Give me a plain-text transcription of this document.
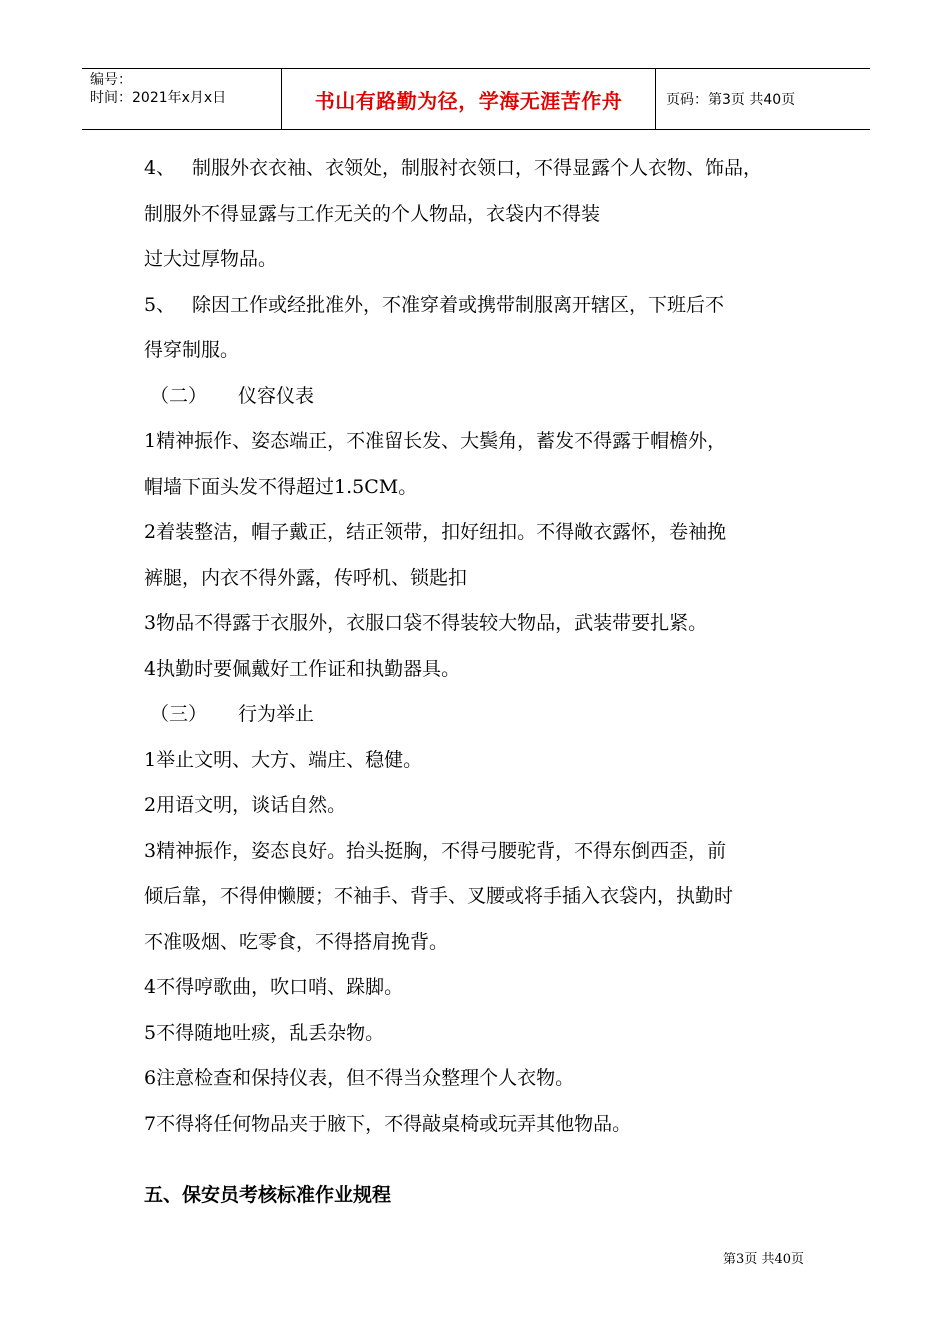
编号：
时间：2021年x月x日	书山有路勤为径，学海无涯苦作舟	页码：第3页 共40页

4、 制服外衣衣袖、衣领处，制服衬衣领口，不得显露个人衣物、饰品，

制服外不得显露与工作无关的个人物品，衣袋内不得装

过大过厚物品。

5、 除因工作或经批准外，不准穿着或携带制服离开辖区，下班后不

得穿制服。

（二） 仪容仪表

1精神振作、姿态端正，不准留长发、大鬓角，蓄发不得露于帽檐外，

帽墙下面头发不得超过1.5CM。

2着装整洁，帽子戴正，结正领带，扣好纽扣。不得敞衣露怀，卷袖挽

裤腿，内衣不得外露，传呼机、锁匙扣

3物品不得露于衣服外，衣服口袋不得装较大物品，武装带要扎紧。

4执勤时要佩戴好工作证和执勤器具。

（三） 行为举止

1举止文明、大方、端庄、稳健。

2用语文明，谈话自然。

3精神振作，姿态良好。抬头挺胸，不得弓腰驼背，不得东倒西歪，前

倾后靠，不得伸懒腰；不袖手、背手、叉腰或将手插入衣袋内，执勤时

不准吸烟、吃零食，不得搭肩挽背。

4不得哼歌曲，吹口哨、跺脚。

5不得随地吐痰，乱丢杂物。

6注意检查和保持仪表，但不得当众整理个人衣物。

7不得将任何物品夹于腋下，不得敲桌椅或玩弄其他物品。

五、保安员考核标准作业规程
第3页 共40页
